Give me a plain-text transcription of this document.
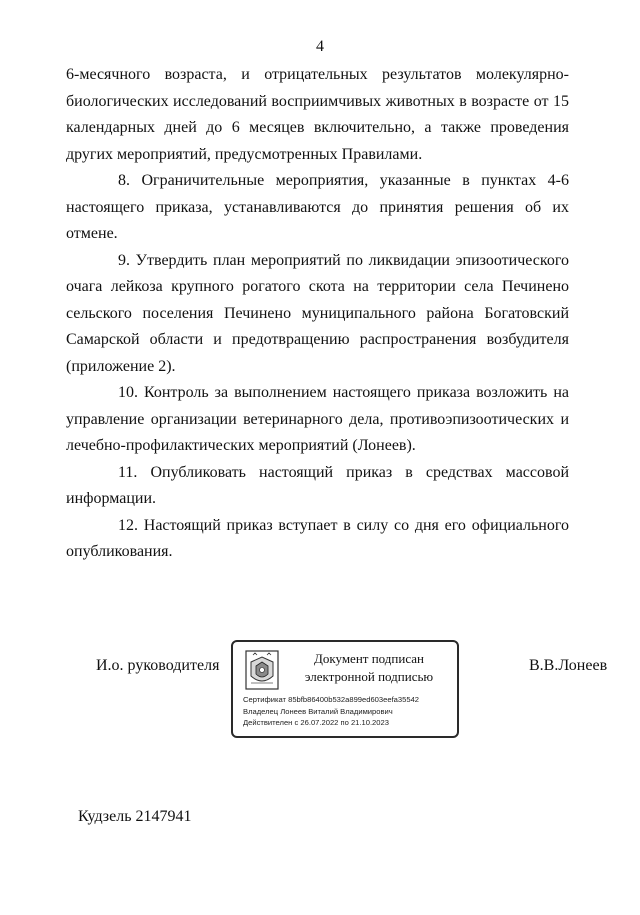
4

6-месячного возраста, и отрицательных результатов молекулярно-биологических исследований восприимчивых животных в возрасте от 15 календарных дней до 6 месяцев включительно, а также проведения других мероприятий, предусмотренных Правилами.

8. Ограничительные мероприятия, указанные в пунктах 4-6 настоящего приказа, устанавливаются до принятия решения об их отмене.

9. Утвердить план мероприятий по ликвидации эпизоотического очага лейкоза крупного рогатого скота на территории села Печинено сельского поселения Печинено муниципального района Богатовский Самарской области и предотвращению распространения возбудителя (приложение 2).

10. Контроль за выполнением настоящего приказа возложить на управление организации ветеринарного дела, противоэпизоотических и лечебно-профилактических мероприятий (Лонеев).

11. Опубликовать настоящий приказ в средствах массовой информации.

12. Настоящий приказ вступает в силу со дня его официального опубликования.

И.о. руководителя	Документ подписан
электронной подписью
Сертификат 85bfb86400b532a899ed603eefa35542
Владелец Лонеев Виталий Владимирович
Действителен с 26.07.2022 по 21.10.2023
В.В.Лонеев
Кудзель 2147941
